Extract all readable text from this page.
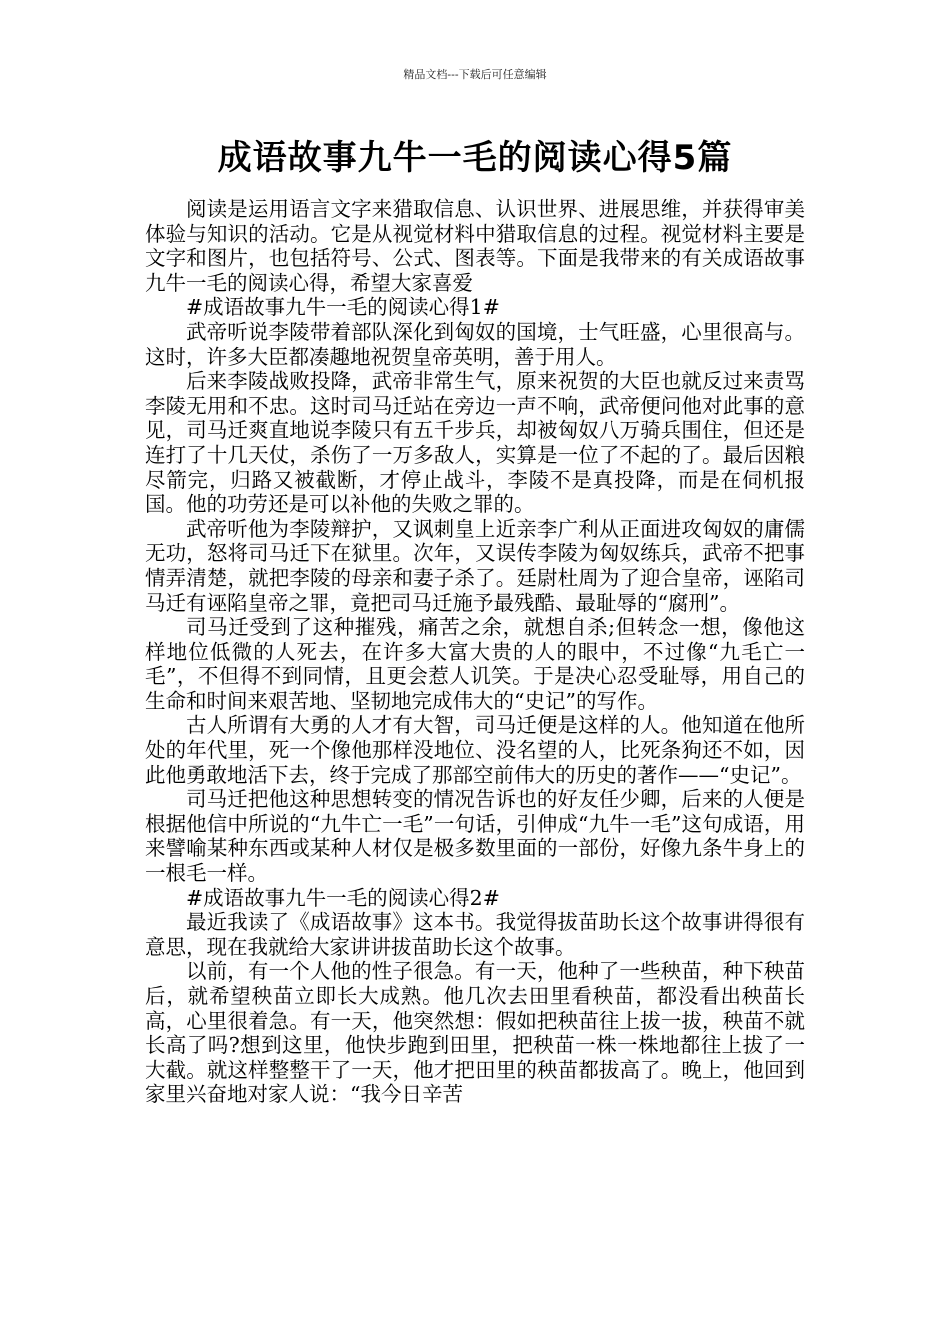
精品文档---下载后可任意编辑
成语故事九牛一毛的阅读心得5篇

阅读是运用语言文字来猎取信息、认识世界、进展思维，并获得审美体验与知识的活动。它是从视觉材料中猎取信息的过程。视觉材料主要是文字和图片，也包括符号、公式、图表等。下面是我带来的有关成语故事九牛一毛的阅读心得，希望大家喜爱

#成语故事九牛一毛的阅读心得1#

武帝听说李陵带着部队深化到匈奴的国境，士气旺盛，心里很高与。这时，许多大臣都凑趣地祝贺皇帝英明，善于用人。

后来李陵战败投降，武帝非常生气，原来祝贺的大臣也就反过来责骂李陵无用和不忠。这时司马迁站在旁边一声不响，武帝便问他对此事的意见，司马迁爽直地说李陵只有五千步兵，却被匈奴八万骑兵围住，但还是连打了十几天仗，杀伤了一万多敌人，实算是一位了不起的了。最后因粮尽箭完，归路又被截断，才停止战斗，李陵不是真投降，而是在伺机报国。他的功劳还是可以补他的失败之罪的。

武帝听他为李陵辩护，又讽刺皇上近亲李广利从正面进攻匈奴的庸儒无功，怒将司马迁下在狱里。次年，又误传李陵为匈奴练兵，武帝不把事情弄清楚，就把李陵的母亲和妻子杀了。廷尉杜周为了迎合皇帝，诬陷司马迁有诬陷皇帝之罪，竟把司马迁施予最残酷、最耻辱的“腐刑”。

司马迁受到了这种摧残，痛苦之余，就想自杀;但转念一想，像他这样地位低微的人死去，在许多大富大贵的人的眼中，不过像“九毛亡一毛”，不但得不到同情，且更会惹人讥笑。于是决心忍受耻辱，用自己的生命和时间来艰苦地、坚韧地完成伟大的“史记”的写作。

古人所谓有大勇的人才有大智，司马迁便是这样的人。他知道在他所处的年代里，死一个像他那样没地位、没名望的人，比死条狗还不如，因此他勇敢地活下去，终于完成了那部空前伟大的历史的著作——“史记”。

司马迁把他这种思想转变的情况告诉也的好友任少卿，后来的人便是根据他信中所说的“九牛亡一毛”一句话，引伸成“九牛一毛”这句成语，用来譬喻某种东西或某种人材仅是极多数里面的一部份，好像九条牛身上的一根毛一样。

#成语故事九牛一毛的阅读心得2#

最近我读了《成语故事》这本书。我觉得拔苗助长这个故事讲得很有意思，现在我就给大家讲讲拔苗助长这个故事。

以前，有一个人他的性子很急。有一天，他种了一些秧苗，种下秧苗后，就希望秧苗立即长大成熟。他几次去田里看秧苗，都没看出秧苗长高，心里很着急。有一天，他突然想：假如把秧苗往上拔一拔，秧苗不就长高了吗?想到这里，他快步跑到田里，把秧苗一株一株地都往上拔了一大截。就这样整整干了一天，他才把田里的秧苗都拔高了。晚上，他回到家里兴奋地对家人说：“我今日辛苦
